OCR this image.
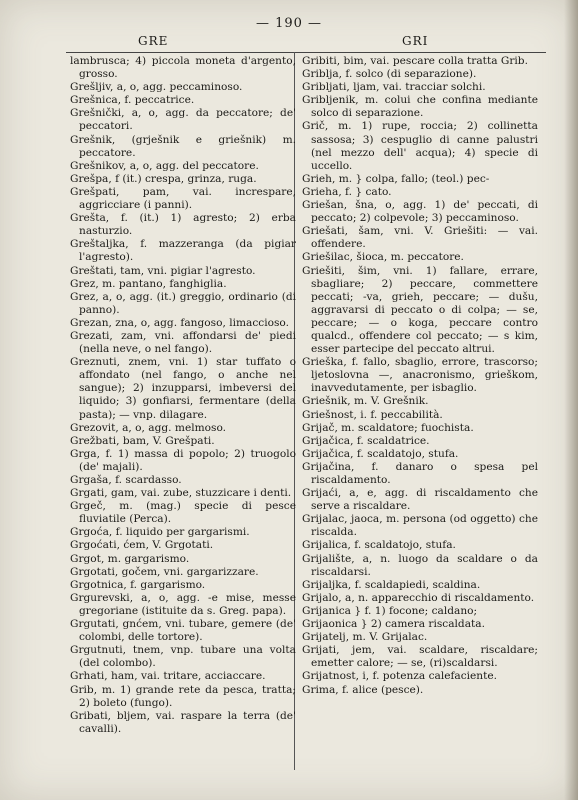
— 190 —
GRE	GRI
lambrusca; 4) piccola moneta d'argento, grosso.
Grešljiv, a, o, agg. peccaminoso.
Grešnica, f. peccatrice.
Grešnički, a, o, agg. da peccatore; de' peccatori.
Grešnik, (grješnik e griešnik) m. peccatore.
Grešnikov, a, o, agg. del peccatore.
Grešpa, f (it.) crespa, grinza, ruga.
Grešpati, pam, vai. increspare, aggricciare (i panni).
Grešta, f. (it.) 1) agresto; 2) erba nasturzio.
Greštaljka, f. mazzeranga (da pigiar l'agresto).
Greštati, tam, vni. pigiar l'agresto.
Grez, m. pantano, fanghiglia.
Grez, a, o, agg. (it.) greggio, ordinario (di panno).
Grezan, zna, o, agg. fangoso, limaccioso.
Grezati, zam, vni. affondarsi de' piedi (nella neve, o nel fango).
Greznuti, znem, vni. 1) star tuffato o affondato (nel fango, o anche nel sangue); 2) inzupparsi, imbeversi del liquido; 3) gonfiarsi, fermentare (della pasta); — vnp. dilagare.
Grezovit, a, o, agg. melmoso.
Grežbati, bam, V. Grešpati.
Grga, f. 1) massa di popolo; 2) truogolo (de' majali).
Grgaša, f. scardasso.
Grgati, gam, vai. zube, stuzzicare i denti.
Grgeč, m. (mag.) specie di pesce fluviatile (Perca).
Grgoća, f. liquido per gargarismi.
Grgoćati, ćem, V. Grgotati.
Grgot, m. gargarismo.
Grgotati, gočem, vni. gargarizzare.
Grgotnica, f. gargarismo.
Grgurevski, a, o, agg. -e mise, messe gregoriane (istituite da s. Greg. papa).
Grgutati, gnćem, vni. tubare, gemere (de' colombi, delle tortore).
Grgutnuti, tnem, vnp. tubare una volta (del colombo).
Grhati, ham, vai. tritare, acciaccare.
Grib, m. 1) grande rete da pesca, tratta; 2) boleto (fungo).
Gribati, bljem, vai. raspare la terra (de' cavalli).
Gribiti, bim, vai. pescare colla tratta Grib.
Griblja, f. solco (di separazione).
Gribljati, ljam, vai. tracciar solchi.
Gribljenik, m. colui che confina mediante solco di separazione.
Grič, m. 1) rupe, roccia; 2) collinetta sassosa; 3) cespuglio di canne palustri (nel mezzo dell' acqua); 4) specie di uccello.
Grieh, m. } colpa, fallo; (teol.) pec-
Grieha, f. } cato.
Griešan, šna, o, agg. 1) de' peccati, di peccato; 2) colpevole; 3) peccaminoso.
Griešati, šam, vni. V. Griešiti: — vai. offendere.
Griešilac, šioca, m. peccatore.
Griešiti, šim, vni. 1) fallare, errare, sbagliare; 2) peccare, commettere peccati; -va, grieh, peccare; — dušu, aggravarsi di peccato o di colpa; — se, peccare; — o koga, peccare contro qualcd., offendere col peccato; — s kim, esser partecipe del peccato altrui.
Grieška, f. fallo, sbaglio, errore, trascorso; ljetoslovna —, anacronismo, grieškom, inavvedutamente, per isbaglio.
Griešnik, m. V. Grešnik.
Griešnost, i. f. peccabilità.
Grijač, m. scaldatore; fuochista.
Grijačica, f. scaldatrice.
Grijačica, f. scaldatojo, stufa.
Grijačina, f. danaro o spesa pel riscaldamento.
Grijaći, a, e, agg. di riscaldamento che serve a riscaldare.
Grijalac, jaoca, m. persona (od oggetto) che riscalda.
Grijalica, f. scaldatojo, stufa.
Grijalište, a, n. luogo da scaldare o da riscaldarsi.
Grijaljka, f. scaldapiedi, scaldina.
Grijalo, a, n. apparecchio di riscaldamento.
Grijanica } f. 1) focone; caldano;
Grijaonica } 2) camera riscaldata.
Grijatelj, m. V. Grijalac.
Grijati, jem, vai. scaldare, riscaldare; emetter calore; — se, (ri)scaldarsi.
Grijatnost, i, f. potenza calefaciente.
Grima, f. alice (pesce).
